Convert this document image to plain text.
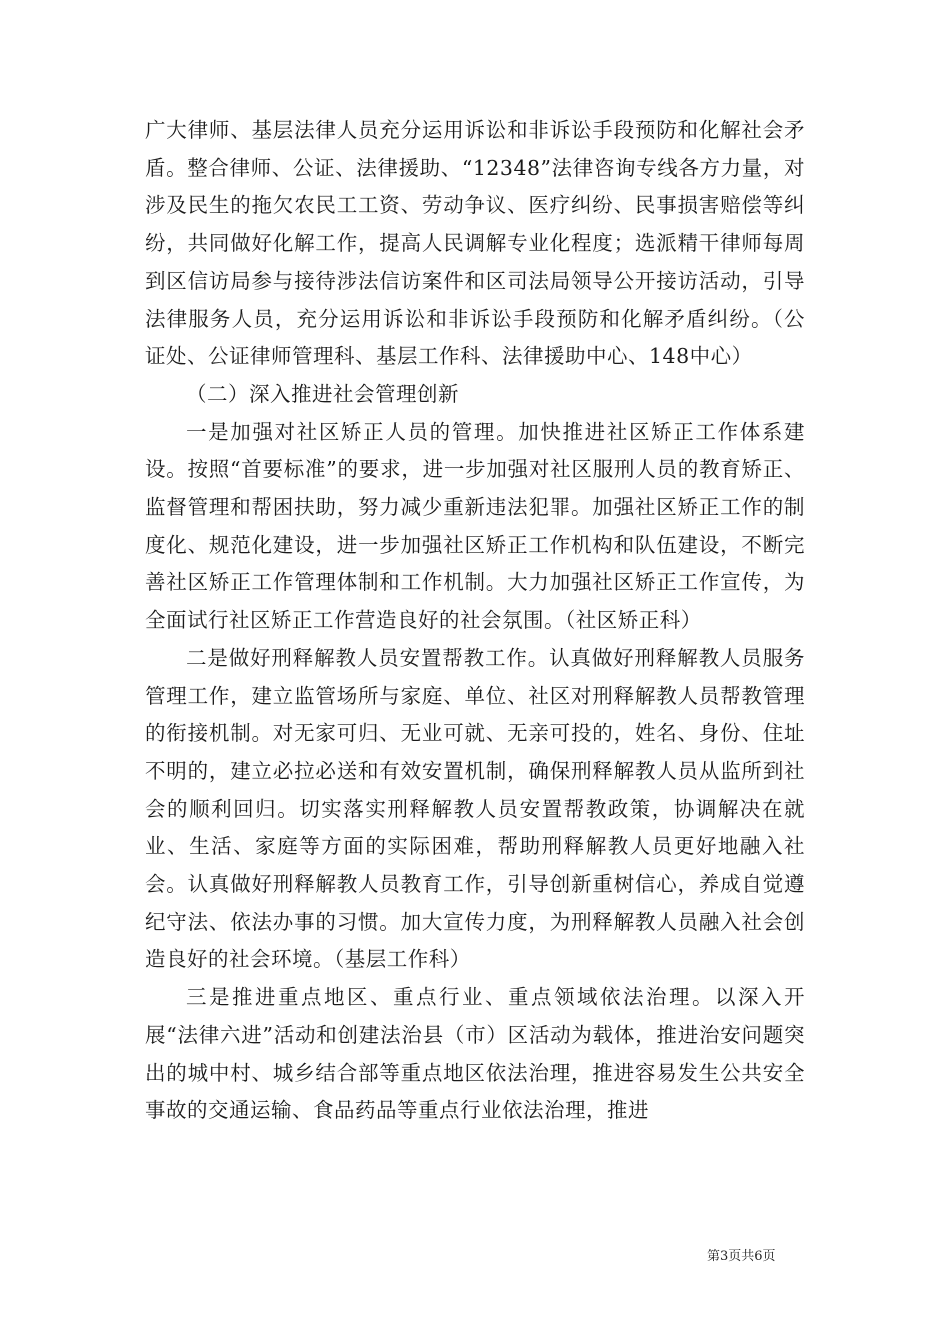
广大律师、基层法律人员充分运用诉讼和非诉讼手段预防和化解社会矛盾。整合律师、公证、法律援助、“12348”法律咨询专线各方力量，对涉及民生的拖欠农民工工资、劳动争议、医疗纠纷、民事损害赔偿等纠纷，共同做好化解工作，提高人民调解专业化程度；选派精干律师每周到区信访局参与接待涉法信访案件和区司法局领导公开接访活动，引导法律服务人员，充分运用诉讼和非诉讼手段预防和化解矛盾纠纷。（公证处、公证律师管理科、基层工作科、法律援助中心、148中心）

（二）深入推进社会管理创新

一是加强对社区矫正人员的管理。加快推进社区矫正工作体系建设。按照“首要标准”的要求，进一步加强对社区服刑人员的教育矫正、监督管理和帮困扶助，努力减少重新违法犯罪。加强社区矫正工作的制度化、规范化建设，进一步加强社区矫正工作机构和队伍建设，不断完善社区矫正工作管理体制和工作机制。大力加强社区矫正工作宣传，为全面试行社区矫正工作营造良好的社会氛围。（社区矫正科）

二是做好刑释解教人员安置帮教工作。认真做好刑释解教人员服务管理工作，建立监管场所与家庭、单位、社区对刑释解教人员帮教管理的衔接机制。对无家可归、无业可就、无亲可投的，姓名、身份、住址不明的，建立必拉必送和有效安置机制，确保刑释解教人员从监所到社会的顺利回归。切实落实刑释解教人员安置帮教政策，协调解决在就业、生活、家庭等方面的实际困难，帮助刑释解教人员更好地融入社会。认真做好刑释解教人员教育工作，引导创新重树信心，养成自觉遵纪守法、依法办事的习惯。加大宣传力度，为刑释解教人员融入社会创造良好的社会环境。（基层工作科）

三是推进重点地区、重点行业、重点领域依法治理。以深入开展“法律六进”活动和创建法治县（市）区活动为载体，推进治安问题突出的城中村、城乡结合部等重点地区依法治理，推进容易发生公共安全事故的交通运输、食品药品等重点行业依法治理，推进

第3页共6页
